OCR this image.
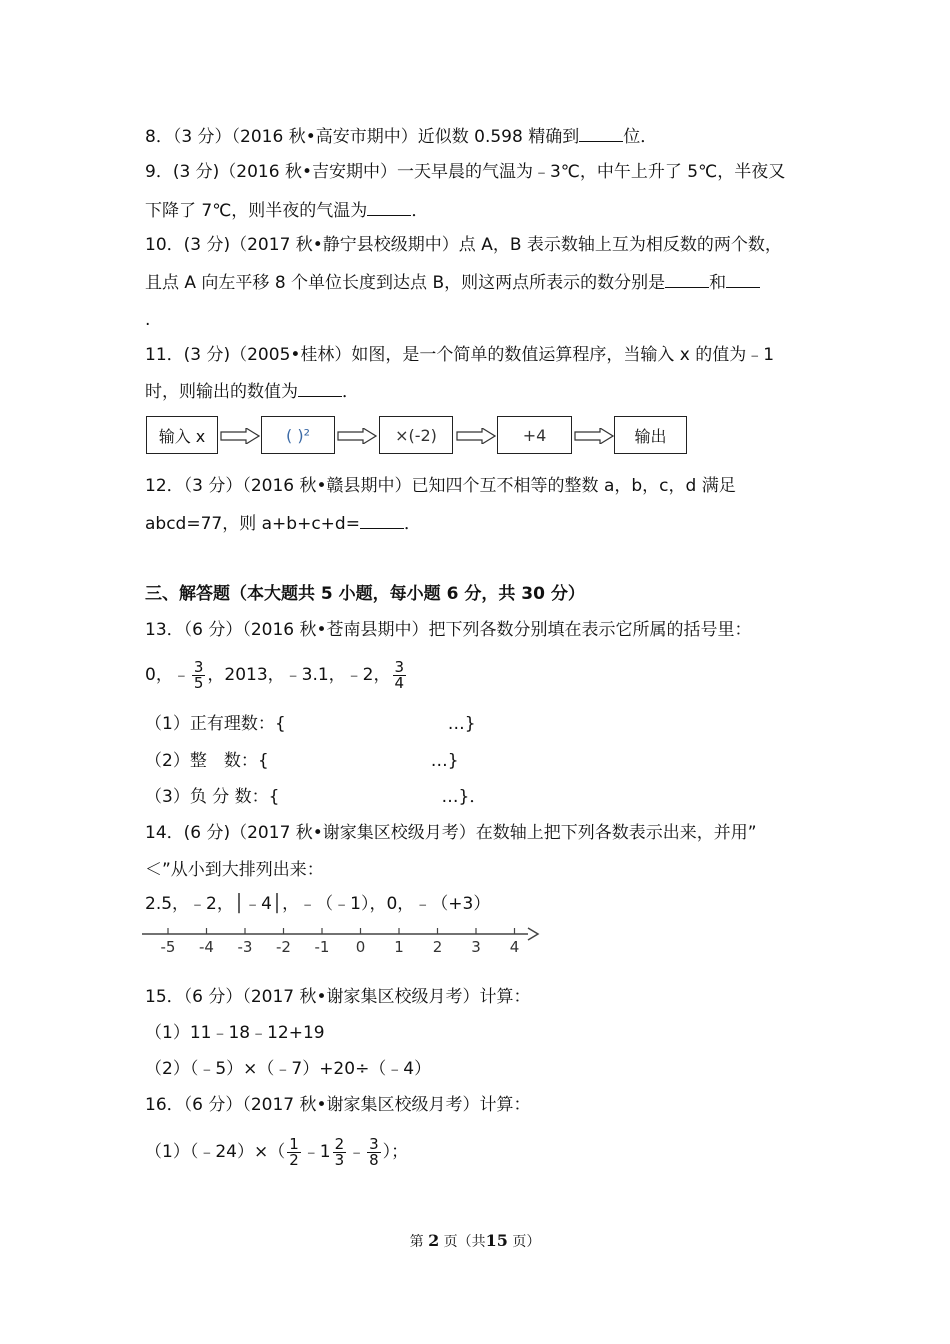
8．（3 分）（2016 秋•高安市期中）近似数 0.598 精确到	位．
9．(3 分)（2016 秋•吉安期中）一天早晨的气温为﹣3℃，中午上升了 5℃，半夜又
下降了 7℃，则半夜的气温为	．
10．(3 分)（2017 秋•静宁县校级期中）点 A，B 表示数轴上互为相反数的两个数，
且点 A 向左平移 8 个单位长度到达点 B，则这两点所表示的数分别是	和
.
11．(3 分)（2005•桂林）如图，是一个简单的数值运算程序，当输入 x 的值为﹣1
时，则输出的数值为	．
输入 x	( )²	×(-2)	+4	输出
12．（3 分）（2016 秋•赣县期中）已知四个互不相等的整数 a，b，c，d 满足
abcd=77，则 a+b+c+d=	．
三、解答题（本大题共 5 小题，每小题 6 分，共 30 分）
13．（6 分）（2016 秋•苍南县期中）把下列各数分别填在表示它所属的括号里：
0，﹣ $\frac{3}{5}$ ，2013，﹣3.1，﹣2， $\frac{3}{4}$
（1）正有理数：{                              …}
（2）整　数：{                              …}
（3）负 分 数：{                              …}．
14．(6 分)（2017 秋•谢家集区校级月考）在数轴上把下列各数表示出来，并用”
＜”从小到大排列出来：
2.5，﹣2，│﹣4│，﹣（﹣1），0，﹣（+3）
-5 -4 -3 -2 -1 0 1 2 3 4
15．（6 分）（2017 秋•谢家集区校级月考）计算：
（1）11﹣18﹣12+19
（2）（﹣5）×（﹣7）+20÷（﹣4）
16．（6 分）（2017 秋•谢家集区校级月考）计算：
（1）（﹣24）×（ $\frac{1}{2}$ ﹣1 $\frac{2}{3}$ ﹣ $\frac{3}{8}$ ）；
第 2 页（共15 页）
